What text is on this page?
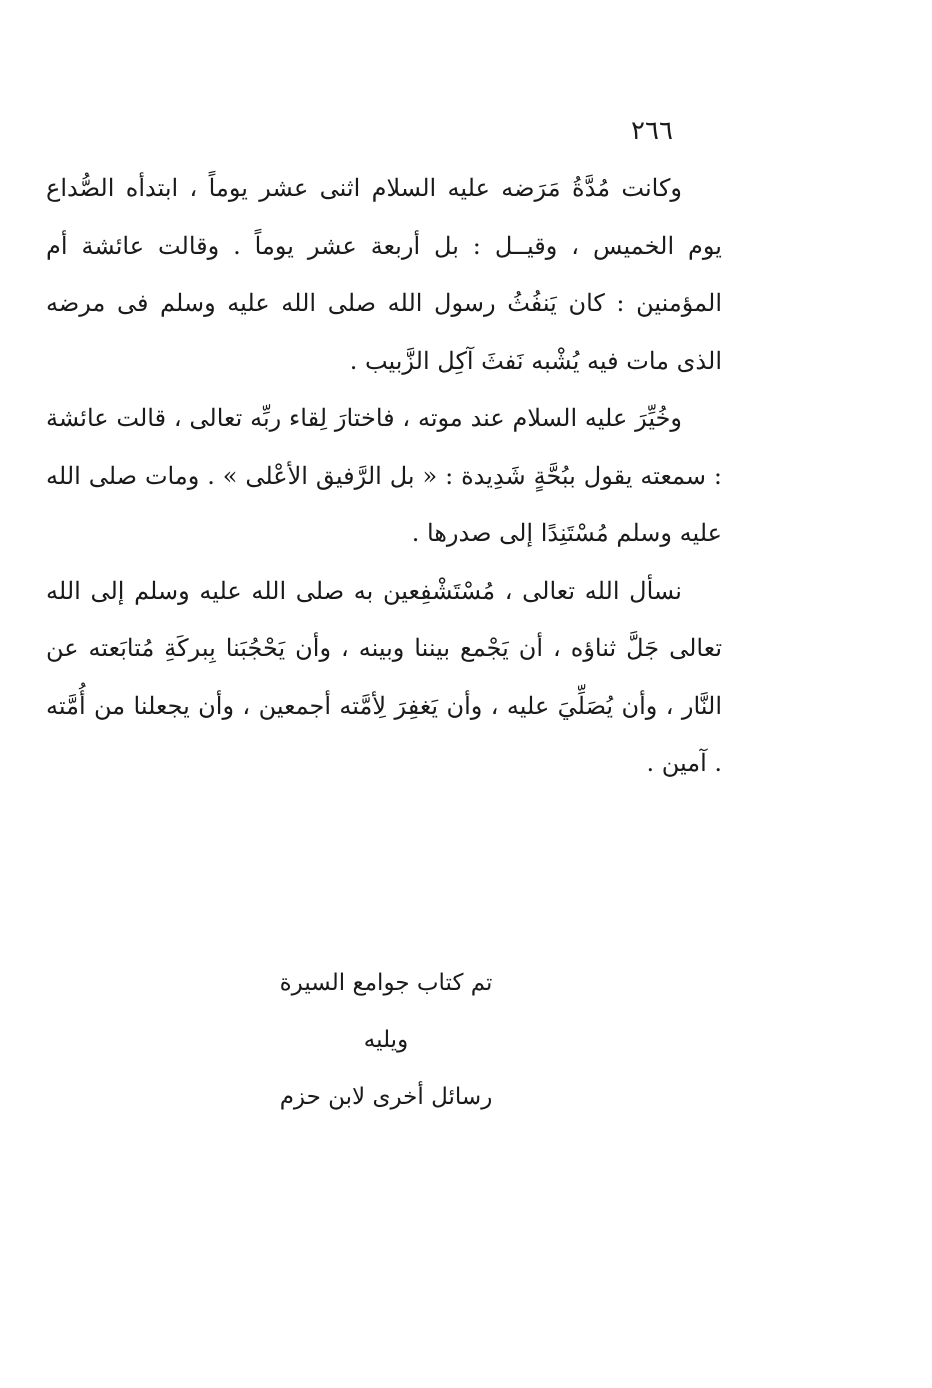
٢٦٦

وكانت مُدَّةُ مَرَضه عليه السلام اثنى عشر يوماً ، ابتدأه الصُّداع يوم الخميس ، وقيــل : بل أربعة عشر يوماً . وقالت عائشة أم المؤمنين : كان يَنفُثُ رسول الله صلى الله عليه وسلم فى مرضه الذى مات فيه يُشْبه نَفثَ آكِل الزَّبيب .

وخُيِّرَ عليه السلام عند موته ، فاختارَ لِقاء ربِّه تعالى ، قالت عائشة : سمعته يقول ببُحَّةٍ شَدِيدة : « بل الرَّفيق الأعْلى » . ومات صلى الله عليه وسلم مُسْتَنِدًا إلى صدرها .

نسأل الله تعالى ، مُسْتَشْفِعين به صلى الله عليه وسلم إلى الله تعالى جَلَّ ثناؤه ، أن يَجْمع بيننا وبينه ، وأن يَحْجُبَنا بِبركَةِ مُتابَعته عن النَّار ، وأن يُصَلِّيَ عليه ، وأن يَغفِرَ لِأمَّته أجمعين ، وأن يجعلنا من أُمَّته . آمين .

تم كتاب جوامع السيرة
ويليه
رسائل أخرى لابن حزم
